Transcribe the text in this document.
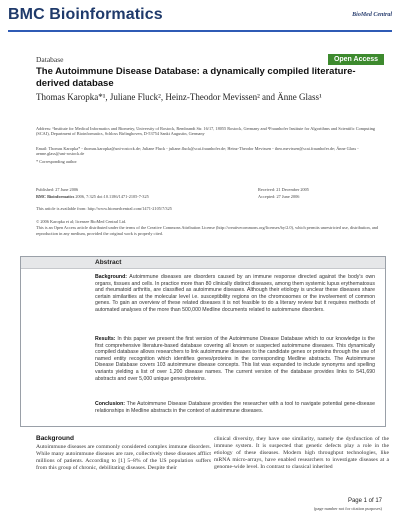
BMC Bioinformatics	BioMed Central
Database	Open Access
The Autoimmune Disease Database: a dynamically compiled literature-derived database
Thomas Karopka*¹, Juliane Fluck², Heinz-Theodor Mevissen² and Änne Glass¹
Address: ¹Institute for Medical Informatics and Biometry, University of Rostock, Rembrandt Str. 16/17, 18055 Rostock, Germany and ²Fraunhofer Institute for Algorithms and Scientific Computing (SCAI), Department of Bioinformatics, Schloss Birlinghoven, D-53754 Sankt Augustin, Germany
Email: Thomas Karopka* - thomas.karopka@uni-rostock.de; Juliane Fluck - juliane.fluck@scai.fraunhofer.de; Heinz-Theodor Mevissen - theo.mevissen@scai.fraunhofer.de; Änne Glass - aenne.glass@uni-rostock.de
* Corresponding author
Published: 27 June 2006
BMC Bioinformatics 2006, 7:325 doi:10.1186/1471-2105-7-325
Received: 21 December 2005
Accepted: 27 June 2006
This article is available from: http://www.biomedcentral.com/1471-2105/7/325
© 2006 Karopka et al; licensee BioMed Central Ltd.
This is an Open Access article distributed under the terms of the Creative Commons Attribution License (http://creativecommons.org/licenses/by/2.0), which permits unrestricted use, distribution, and reproduction in any medium, provided the original work is properly cited.
Abstract
Background: Autoimmune diseases are disorders caused by an immune response directed against the body's own organs, tissues and cells. In practice more than 80 clinically distinct diseases, among them systemic lupus erythematosus and rheumatoid arthritis, are classified as autoimmune diseases. Although their etiology is unclear these diseases share certain similarities at the molecular level i.e. susceptibility regions on the chromosomes or the involvement of common genes. To gain an overview of these related diseases it is not feasible to do a literary review but it requires methods of automated analyses of the more than 500,000 Medline documents related to autoimmune disorders.
Results: In this paper we present the first version of the Autoimmune Disease Database which to our knowledge is the first comprehensive literature-based database covering all known or suspected autoimmune diseases. This dynamically compiled database allows researchers to link autoimmune diseases to the candidate genes or proteins through the use of named entity recognition which identifies genes/proteins in the corresponding Medline abstracts. The Autoimmune Disease Database covers 103 autoimmune disease concepts. This list was expanded to include synonyms and spelling variants yielding a list of over 1,200 disease names. The current version of the database provides links to 541,690 abstracts and over 5,000 unique genes/proteins.
Conclusion: The Autoimmune Disease Database provides the researcher with a tool to navigate potential gene-disease relationships in Medline abstracts in the context of autoimmune diseases.
Background
Autoimmune diseases are commonly considered complex immune disorders. While many autoimmune diseases are rare, collectively these diseases afflict millions of patients. According to [1] 5–8% of the US population suffers from this group of chronic, debilitating diseases. Despite their
clinical diversity, they have one similarity, namely the dysfunction of the immune system. It is suspected that genetic defects play a role in the etiology of these diseases. Modern high throughput technologies, like mRNA micro-arrays, have enabled researchers to investigate diseases at a genome-wide level. In contrast to classical inherited
Page 1 of 17
(page number not for citation purposes)
